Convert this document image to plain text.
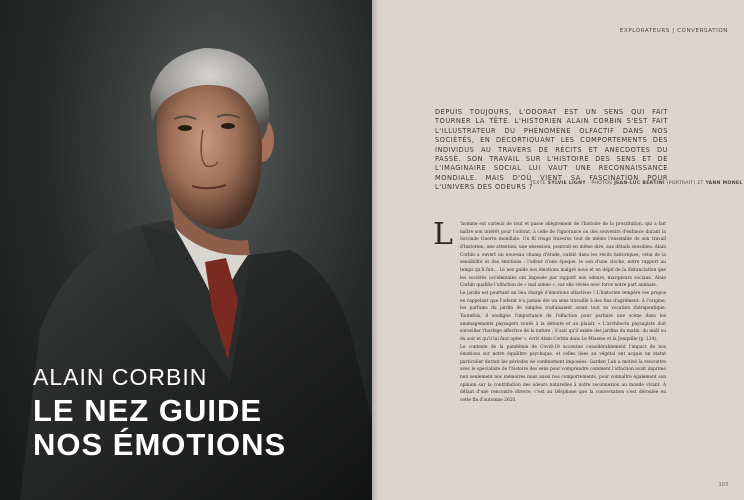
ALAIN CORBIN
LE NEZ GUIDE
NOS ÉMOTIONS
EXPLORATEURS | CONVERSATION
DEPUIS TOUJOURS, L'ODORAT EST UN SENS QUI FAIT TOURNER LA TÊTE. L'HISTORIEN ALAIN CORBIN S'EST FAIT L'ILLUSTRATEUR DU PHÉNOMÈNE OLFACTIF DANS NOS SOCIÉTÉS, EN DÉCORTIQUANT LES COMPORTEMENTS DES INDIVIDUS AU TRAVERS DE RÉCITS ET ANECDOTES DU PASSÉ. SON TRAVAIL SUR L'HISTOIRE DES SENS ET DE L'IMAGINAIRE SOCIAL LUI VAUT UNE RECONNAISSANCE MONDIALE. MAIS D'OÙ VIENT SA FASCINATION POUR L'UNIVERS DES ODEURS ?
TEXTE SYLVIE LIGNY - PHOTOS JEAN-LUC BERTINI (PORTRAIT) ET YANN MONEL
L 'homme est curieux de tout et passe allègrement de l'histoire de la prostitution, qui a fait naître son intérêt pour l'odorat, à celle de l'ignorance ou des souvenirs d'enfance durant la Seconde Guerre mondiale. Un fil rouge traverse tout de même l'ensemble de son travail d'historien, une attention, une obsession, pourrait-on même dire, aux détails sensibles. Alain Corbin a ouvert un nouveau champ d'étude, oublié dans les récits historiques, celui de la sensibilité et des émotions : l'odeur d'une époque, le son d'une cloche, notre rapport au temps qu'il fait… Le nez guide nos émotions malgré nous et en dépit de la distanciation que les sociétés occidentales ont imposée par rapport aux odeurs, marqueurs sociaux. Alain Corbin qualifie l'olfaction de « mal aimée », car elle révèle avec force notre part animale.

Le jardin est pourtant un lieu chargé d'émotions olfactives ! L'historien tempère ces propos en rappelant que l'odorat n'a jamais été un sens travaillé à des fins d'agrément. À l'origine, les parfums du jardin de simples traduisaient avant tout sa vocation thérapeutique. Toutefois, il souligne l'importance de l'olfaction pour parfaire une scène dans les aménagements paysagers voués à la détente et au plaisir. « L'architecte paysagiste doit surveiller l'horloge affective de la nature ; il sait qu'il existe des jardins du matin, du midi ou du soir et qu'il lui faut opter », écrit Alain Corbin dans Le Miasme et la Jonquille (p. 124).

Le contexte de la pandémie de Covid-19 accentue considérablement l'impact de nos émotions sur notre équilibre psychique, et celles liées au végétal ont acquis un statut particulier durant les périodes de confinement imposées. Garden_Lab a motivé la rencontre avec le spécialiste de l'histoire des sens pour comprendre comment l'olfaction avait imprimé non seulement nos mémoires mais aussi nos comportements, pour connaître également son opinion sur la contribution des odeurs naturelles à notre reconnexion au monde vivant. À défaut d'une rencontre directe, c'est au téléphone que la conversation s'est déroulée en cette fin d'automne 2020.

103
